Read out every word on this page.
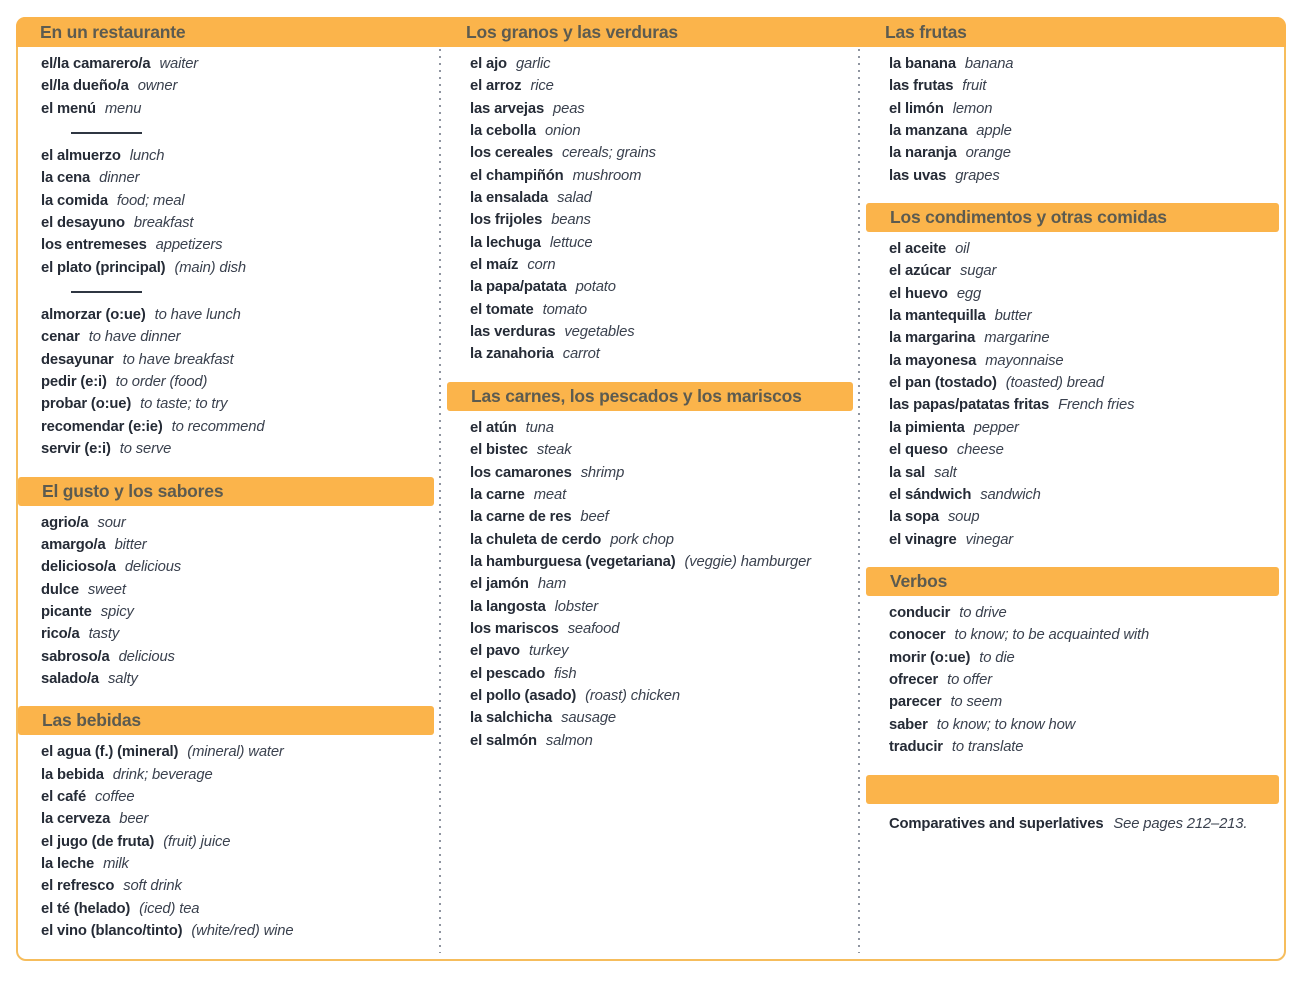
En un restaurante	Los granos y las verduras	Las frutas
el/la camarero/a waiter
el/la dueño/a owner
el menú menu
el almuerzo lunch
la cena dinner
la comida food; meal
el desayuno breakfast
los entremeses appetizers
el plato (principal) (main) dish
almorzar (o:ue) to have lunch
cenar to have dinner
desayunar to have breakfast
pedir (e:i) to order (food)
probar (o:ue) to taste; to try
recomendar (e:ie) to recommend
servir (e:i) to serve
El gusto y los sabores
agrio/a sour
amargo/a bitter
delicioso/a delicious
dulce sweet
picante spicy
rico/a tasty
sabroso/a delicious
salado/a salty
Las bebidas
el agua (f.) (mineral) (mineral) water
la bebida drink; beverage
el café coffee
la cerveza beer
el jugo (de fruta) (fruit) juice
la leche milk
el refresco soft drink
el té (helado) (iced) tea
el vino (blanco/tinto) (white/red) wine
el ajo garlic
el arroz rice
las arvejas peas
la cebolla onion
los cereales cereals; grains
el champiñón mushroom
la ensalada salad
los frijoles beans
la lechuga lettuce
el maíz corn
la papa/patata potato
el tomate tomato
las verduras vegetables
la zanahoria carrot
Las carnes, los pescados y los mariscos
el atún tuna
el bistec steak
los camarones shrimp
la carne meat
la carne de res beef
la chuleta de cerdo pork chop
la hamburguesa (vegetariana) (veggie) hamburger
el jamón ham
la langosta lobster
los mariscos seafood
el pavo turkey
el pescado fish
el pollo (asado) (roast) chicken
la salchicha sausage
el salmón salmon
la banana banana
las frutas fruit
el limón lemon
la manzana apple
la naranja orange
las uvas grapes
Los condimentos y otras comidas
el aceite oil
el azúcar sugar
el huevo egg
la mantequilla butter
la margarina margarine
la mayonesa mayonnaise
el pan (tostado) (toasted) bread
las papas/patatas fritas French fries
la pimienta pepper
el queso cheese
la sal salt
el sándwich sandwich
la sopa soup
el vinagre vinegar
Verbos
conducir to drive
conocer to know; to be acquainted with
morir (o:ue) to die
ofrecer to offer
parecer to seem
saber to know; to know how
traducir to translate
Comparatives and superlatives See pages 212–213.
